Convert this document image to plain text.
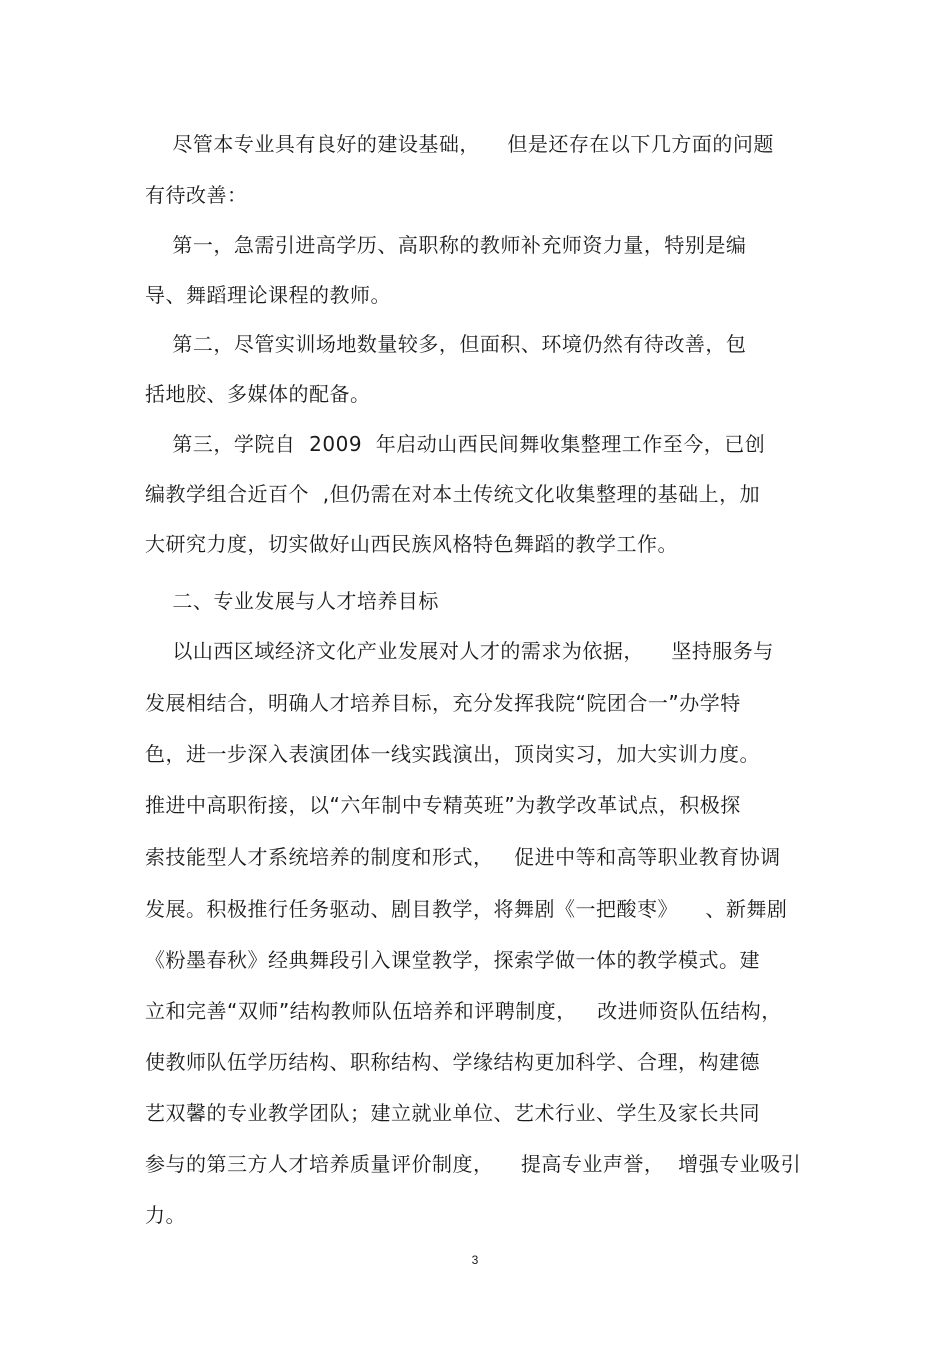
尽管本专业具有良好的建设基础，    但是还存在以下几方面的问题
有待改善：
第一，急需引进高学历、高职称的教师补充师资力量，特别是编
导、舞蹈理论课程的教师。
第二，尽管实训场地数量较多，但面积、环境仍然有待改善，包
括地胶、多媒体的配备。
第三，学院自  2009  年启动山西民间舞收集整理工作至今，已创
编教学组合近百个  ,但仍需在对本土传统文化收集整理的基础上，加
大研究力度，切实做好山西民族风格特色舞蹈的教学工作。
二、专业发展与人才培养目标
以山西区域经济文化产业发展对人才的需求为依据，    坚持服务与
发展相结合，明确人才培养目标，充分发挥我院“院团合一”办学特
色，进一步深入表演团体一线实践演出，顶岗实习，加大实训力度。
推进中高职衔接，以“六年制中专精英班”为教学改革试点，积极探
索技能型人才系统培养的制度和形式，   促进中等和高等职业教育协调
发展。积极推行任务驱动、剧目教学，将舞剧《一把酸枣》    、新舞剧
《粉墨春秋》经典舞段引入课堂教学，探索学做一体的教学模式。建
立和完善“双师”结构教师队伍培养和评聘制度，   改进师资队伍结构，
使教师队伍学历结构、职称结构、学缘结构更加科学、合理，构建德
艺双馨的专业教学团队；建立就业单位、艺术行业、学生及家长共同
参与的第三方人才培养质量评价制度，    提高专业声誉，  增强专业吸引
力。
3
